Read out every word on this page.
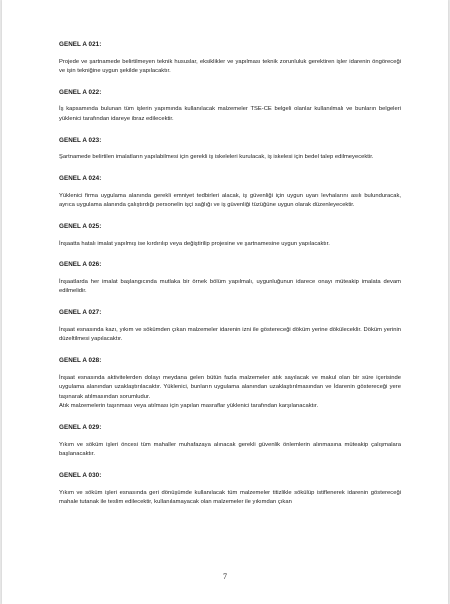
GENEL A 021:

Projede ve şartnamede belirtilmeyen teknik hususlar, eksiklikler ve yapılması teknik zorunluluk gerektiren işler idarenin öngöreceği ve işin tekniğine uygun şekilde yapılacaktır.

GENEL A 022:

İş kapsamında bulunan tüm işlerin yapımında kullanılacak malzemeler TSE-CE belgeli olanlar kullanılmalı ve bunların belgeleri yüklenici tarafından idareye ibraz edilecektir.

GENEL A 023:

Şartnamede belirtilen imalatların yapılabilmesi için gerekli iş iskeleleri kurulacak, iş iskelesi için bedel talep edilmeyecektir.

GENEL A 024:

Yüklenici firma uygulama alanında gerekli emniyet tedbirleri alacak, iş güvenliği için uygun uyarı levhalarını asılı bulunduracak, ayrıca uygulama alanında çalıştırdığı personelin işçi sağlığı ve iş güvenliği tüzüğüne uygun olarak düzenleyecektir.

GENEL A 025:

İnşaatta hatalı imalat yapılmış ise kırdırılıp veya değiştirilip projesine ve şartnamesine uygun yapılacaktır.

GENEL A 026:

İnşaatlarda her imalat başlangıcında mutlaka bir örnek bölüm yapılmalı, uygunluğunun idarece onayı müteakip imalata devam edilmelidir.

GENEL A 027:

İnşaat esnasında kazı, yıkım ve sökümden çıkan malzemeler idarenin izni ile göstereceği döküm yerine döküleceklir. Döküm yerinin düzeltilmesi yapılacaktır.

GENEL A 028:

İnşaat esnasında aktivitelerden dolayı meydana gelen bütün fazla malzemeler atık sayılacak ve makul olan bir süre içerisinde uygulama alanından uzaklaştırılacaktır. Yüklenici, bunların uygulama alanından uzaklaştırılmasından ve İdarenin göstereceği yere taşınarak atılmasından sorumludur.

Atık malzemelerin taşınması veya atılması için yapılan masraflar yüklenici tarafından karşılanacaktır.

GENEL A 029:

Yıkım ve söküm işleri öncesi tüm mahaller muhafazaya alınacak gerekli güvenlik önlemlerin alınmasına müteakip çalışmalara başlanacaktır.

GENEL A 030:

Yıkım ve söküm işleri esnasında geri dönüşümde kullanılacak tüm malzemeler titizlikle sökülüp istiflenerek idarenin göstereceği mahale tutanak ile teslim edilecektir, kullanılamayacak olan malzemeler ile yıkımdan çıkan

7
